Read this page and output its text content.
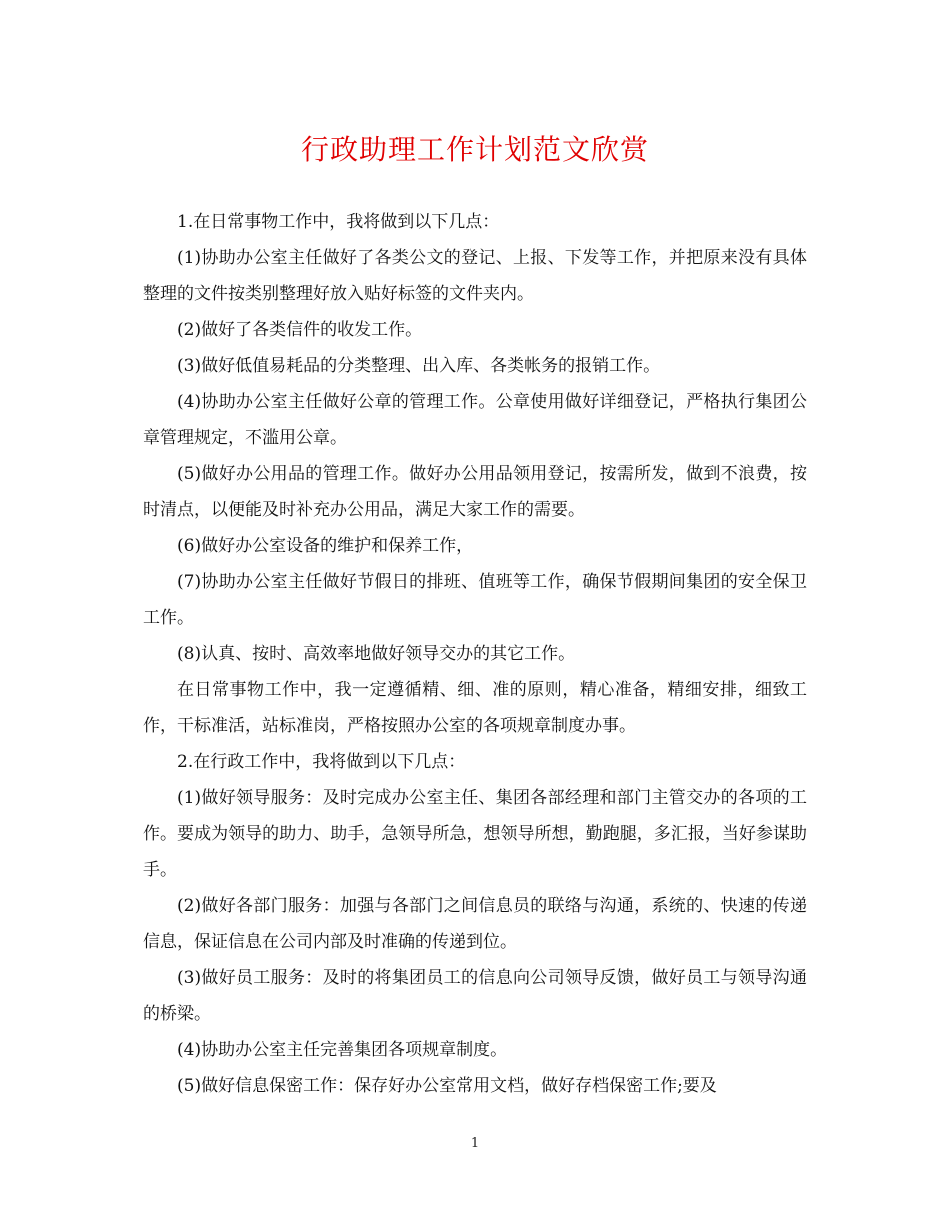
行政助理工作计划范文欣赏

1.在日常事物工作中，我将做到以下几点：

(1)协助办公室主任做好了各类公文的登记、上报、下发等工作，并把原来没有具体整理的文件按类别整理好放入贴好标签的文件夹内。

(2)做好了各类信件的收发工作。

(3)做好低值易耗品的分类整理、出入库、各类帐务的报销工作。

(4)协助办公室主任做好公章的管理工作。公章使用做好详细登记，严格执行集团公章管理规定，不滥用公章。

(5)做好办公用品的管理工作。做好办公用品领用登记，按需所发，做到不浪费，按时清点，以便能及时补充办公用品，满足大家工作的需要。

(6)做好办公室设备的维护和保养工作，

(7)协助办公室主任做好节假日的排班、值班等工作，确保节假期间集团的安全保卫工作。

(8)认真、按时、高效率地做好领导交办的其它工作。

在日常事物工作中，我一定遵循精、细、准的原则，精心准备，精细安排，细致工作，干标准活，站标准岗，严格按照办公室的各项规章制度办事。

2.在行政工作中，我将做到以下几点：

(1)做好领导服务：及时完成办公室主任、集团各部经理和部门主管交办的各项的工作。要成为领导的助力、助手，急领导所急，想领导所想，勤跑腿，多汇报，当好参谋助手。

(2)做好各部门服务：加强与各部门之间信息员的联络与沟通，系统的、快速的传递信息，保证信息在公司内部及时准确的传递到位。

(3)做好员工服务：及时的将集团员工的信息向公司领导反馈，做好员工与领导沟通的桥梁。

(4)协助办公室主任完善集团各项规章制度。

(5)做好信息保密工作：保存好办公室常用文档，做好存档保密工作;要及

1
